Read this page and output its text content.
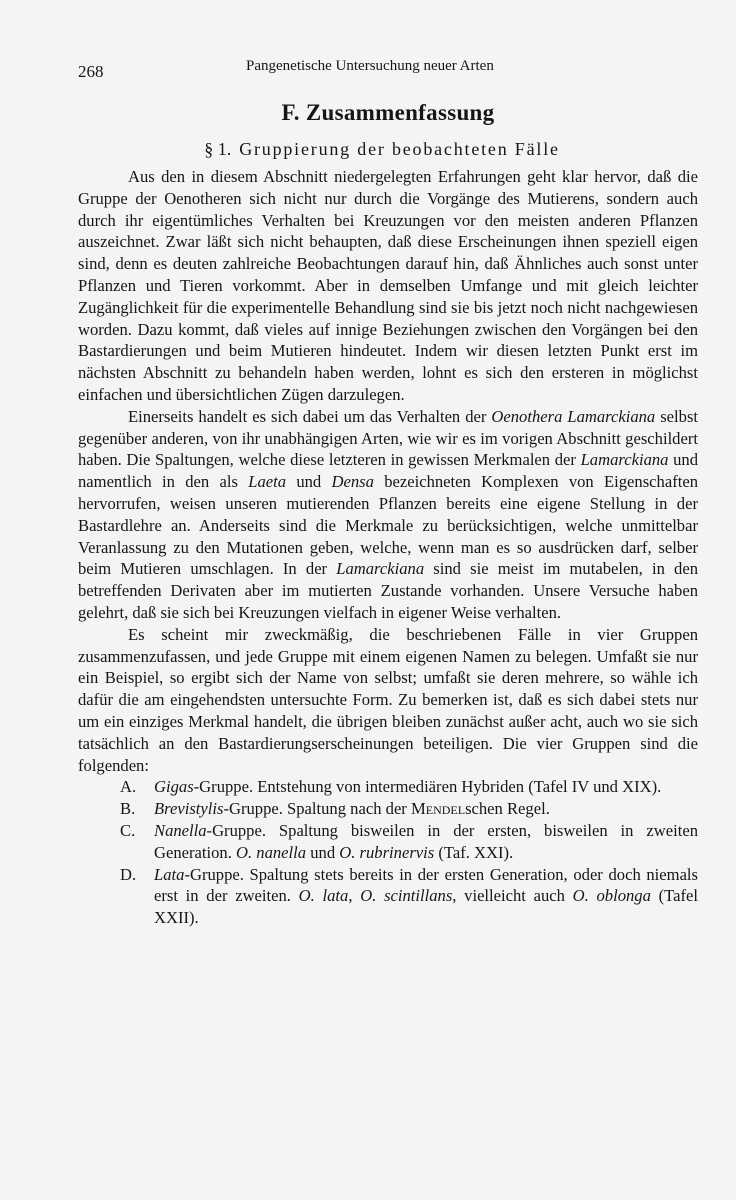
268	Pangenetische Untersuchung neuer Arten
F. Zusammenfassung
§ 1. Gruppierung der beobachteten Fälle

Aus den in diesem Abschnitt niedergelegten Erfahrungen geht klar hervor, daß die Gruppe der Oenotheren sich nicht nur durch die Vorgänge des Mutierens, sondern auch durch ihr eigentümliches Verhalten bei Kreuzungen vor den meisten anderen Pflanzen auszeichnet. Zwar läßt sich nicht behaupten, daß diese Erscheinungen ihnen speziell eigen sind, denn es deuten zahlreiche Beobachtungen darauf hin, daß Ähnliches auch sonst unter Pflanzen und Tieren vorkommt. Aber in demselben Umfange und mit gleich leichter Zugänglichkeit für die experimentelle Behandlung sind sie bis jetzt noch nicht nachgewiesen worden. Dazu kommt, daß vieles auf innige Beziehungen zwischen den Vorgängen bei den Bastardierungen und beim Mutieren hindeutet. Indem wir diesen letzten Punkt erst im nächsten Abschnitt zu behandeln haben werden, lohnt es sich den ersteren in möglichst einfachen und übersichtlichen Zügen darzulegen.

Einerseits handelt es sich dabei um das Verhalten der Oenothera Lamarckiana selbst gegenüber anderen, von ihr unabhängigen Arten, wie wir es im vorigen Abschnitt geschildert haben. Die Spaltungen, welche diese letzteren in gewissen Merkmalen der Lamarckiana und namentlich in den als Laeta und Densa bezeichneten Komplexen von Eigenschaften hervorrufen, weisen unseren mutierenden Pflanzen bereits eine eigene Stellung in der Bastardlehre an. Anderseits sind die Merkmale zu berücksichtigen, welche unmittelbar Veranlassung zu den Mutationen geben, welche, wenn man es so ausdrücken darf, selber beim Mutieren umschlagen. In der Lamarckiana sind sie meist im mutabelen, in den betreffenden Derivaten aber im mutierten Zustande vorhanden. Unsere Versuche haben gelehrt, daß sie sich bei Kreuzungen vielfach in eigener Weise verhalten.

Es scheint mir zweckmäßig, die beschriebenen Fälle in vier Gruppen zusammenzufassen, und jede Gruppe mit einem eigenen Namen zu belegen. Umfaßt sie nur ein Beispiel, so ergibt sich der Name von selbst; umfaßt sie deren mehrere, so wähle ich dafür die am eingehendsten untersuchte Form. Zu bemerken ist, daß es sich dabei stets nur um ein einziges Merkmal handelt, die übrigen bleiben zunächst außer acht, auch wo sie sich tatsächlich an den Bastardierungserscheinungen beteiligen. Die vier Gruppen sind die folgenden:

A. Gigas-Gruppe. Entstehung von intermediären Hybriden (Tafel IV und XIX).
B. Brevistylis-Gruppe. Spaltung nach der Mendelschen Regel.
C. Nanella-Gruppe. Spaltung bisweilen in der ersten, bisweilen in zweiten Generation. O. nanella und O. rubrinervis (Taf. XXI).
D. Lata-Gruppe. Spaltung stets bereits in der ersten Generation, oder doch niemals erst in der zweiten. O. lata, O. scintillans, vielleicht auch O. oblonga (Tafel XXII).
